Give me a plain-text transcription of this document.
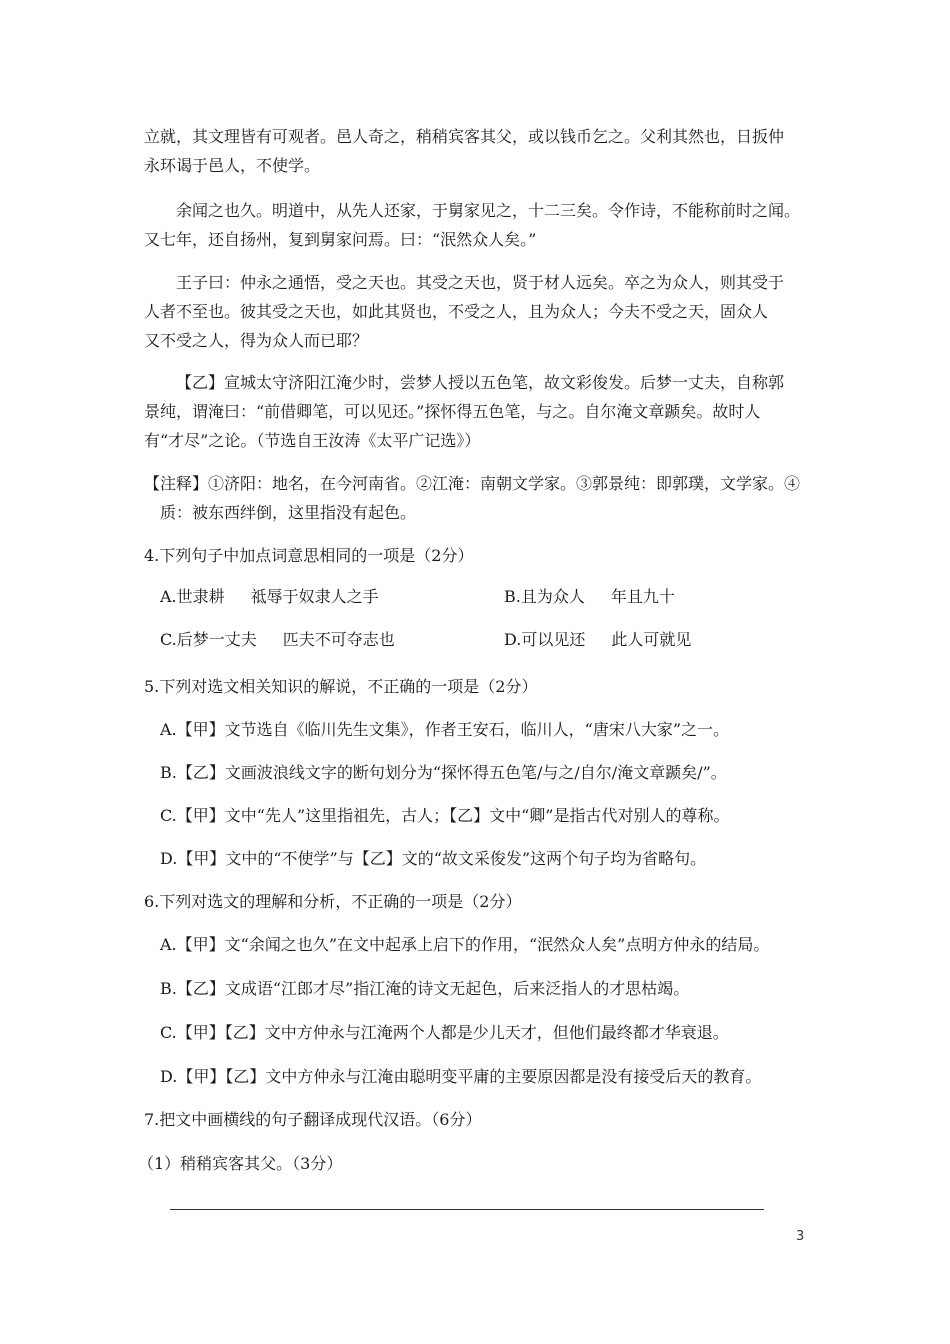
立就，其文理皆有可观者。邑人奇之，稍稍宾客其父，或以钱币乞之。父利其然也，日扳仲
永环谒于邑人，不使学。
余闻之也久。明道中，从先人还家，于舅家见之，十二三矣。令作诗，不能称前时之闻。
又七年，还自扬州，复到舅家问焉。曰：“泯然众人矣。”
王子曰：仲永之通悟，受之天也。其受之天也，贤于材人远矣。卒之为众人，则其受于
人者不至也。彼其受之天也，如此其贤也，不受之人，且为众人；今夫不受之天，固众人
又不受之人，得为众人而已耶？
【乙】宣城太守济阳江淹少时，尝梦人授以五色笔，故文彩俊发。后梦一丈夫，自称郭
景纯，谓淹曰：“前借卿笔，可以见还。”探怀得五色笔，与之。自尔淹文章踬矣。故时人
有“才尽”之论。（节选自王汝涛《太平广记选》）
【注释】①济阳：地名，在今河南省。②江淹：南朝文学家。③郭景纯：即郭璞，文学家。④
质：被东西绊倒，这里指没有起色。
4.下列句子中加点词意思相同的一项是（2分）
A.世隶耕 祗辱于奴隶人之手	B.且为众人 年且九十
C.后梦一丈夫 匹夫不可夺志也	D.可以见还 此人可就见
5.下列对选文相关知识的解说，不正确的一项是（2分）
A.【甲】文节选自《临川先生文集》，作者王安石，临川人，“唐宋八大家”之一。
B.【乙】文画波浪线文字的断句划分为“探怀得五色笔/与之/自尔/淹文章踬矣/”。
C.【甲】文中“先人”这里指祖先，古人；【乙】文中“卿”是指古代对别人的尊称。
D.【甲】文中的“不使学”与【乙】文的“故文采俊发”这两个句子均为省略句。
6.下列对选文的理解和分析，不正确的一项是（2分）
A.【甲】文“余闻之也久”在文中起承上启下的作用，“泯然众人矣”点明方仲永的结局。
B.【乙】文成语“江郎才尽”指江淹的诗文无起色，后来泛指人的才思枯竭。
C.【甲】【乙】文中方仲永与江淹两个人都是少儿天才，但他们最终都才华衰退。
D.【甲】【乙】文中方仲永与江淹由聪明变平庸的主要原因都是没有接受后天的教育。
7.把文中画横线的句子翻译成现代汉语。（6分）
（1）稍稍宾客其父。（3分）
3
